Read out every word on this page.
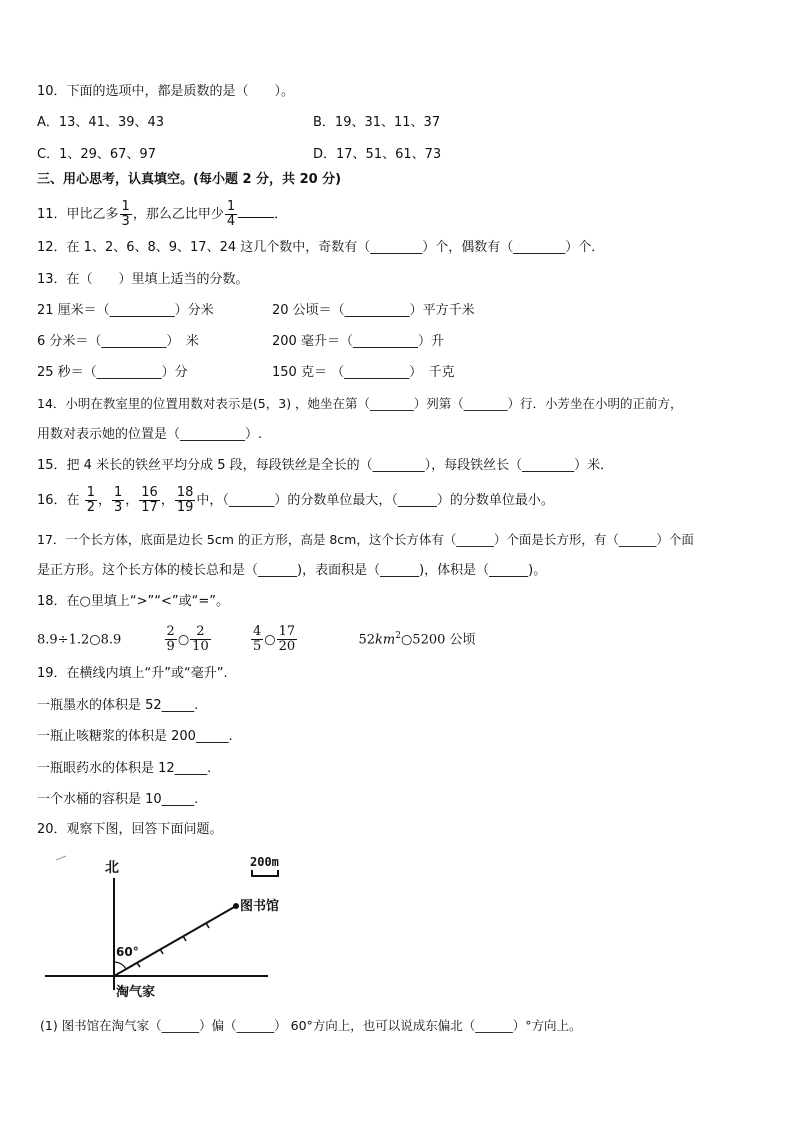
10．下面的选项中，都是质数的是（　　）。
A．13、41、39、43	B．19、31、11、37
C．1、29、67、97	D．17、51、61、73
三、用心思考，认真填空。(每小题 2 分，共 20 分)
11．甲比乙多 $\frac{1}{3}$ ，那么乙比甲少 $\frac{1}{4}$	．
12．在 1、2、6、8、9、17、24 这几个数中，奇数有（________）个，偶数有（________）个．
13．在（　　）里填上适当的分数。
21 厘米＝（__________）分米	20 公顷＝（__________）平方千米
6 分米＝（__________）　米	200 毫升＝（__________）升
25 秒＝（__________）分	150 克＝ （__________）　千克
14．小明在教室里的位置用数对表示是(5，3) ，她坐在第（_______）列第（_______）行．小芳坐在小明的正前方，
用数对表示她的位置是（__________）.
15．把 4 米长的铁丝平均分成 5 段，每段铁丝是全长的（________），每段铁丝长（________）米．
16．在 $\frac{1}{2}$ ， $\frac{1}{3}$ ， $\frac{16}{17}$ ， $\frac{18}{19}$ 中，（_______）的分数单位最大，（______）的分数单位最小。
17．一个长方体，底面是边长 5cm 的正方形，高是 8cm，这个长方体有（______）个面是长方形，有（______）个面
是正方形。这个长方体的棱长总和是（______)，表面积是（______)，体积是（______)。
18．在○里填上“>”“<”或“=”。
8.9÷1.2○8.9	$\frac{2}{9}$ ○ $\frac{2}{10}$
	$\frac{4}{5}$ ○ $\frac{17}{20}$	$52km^2○5200$ 公顷
19．在横线内填上“升”或“毫升”.
一瓶墨水的体积是 52_____.
一瓶止咳糖浆的体积是 200_____.
一瓶眼药水的体积是 12_____.
一个水桶的容积是 10_____.
20．观察下图，回答下面问题。
北	200m
图书馆
60°
淘气家
(1) 图书馆在淘气家（______）偏（______） 60°方向上，也可以说成东偏北（______）°方向上。
